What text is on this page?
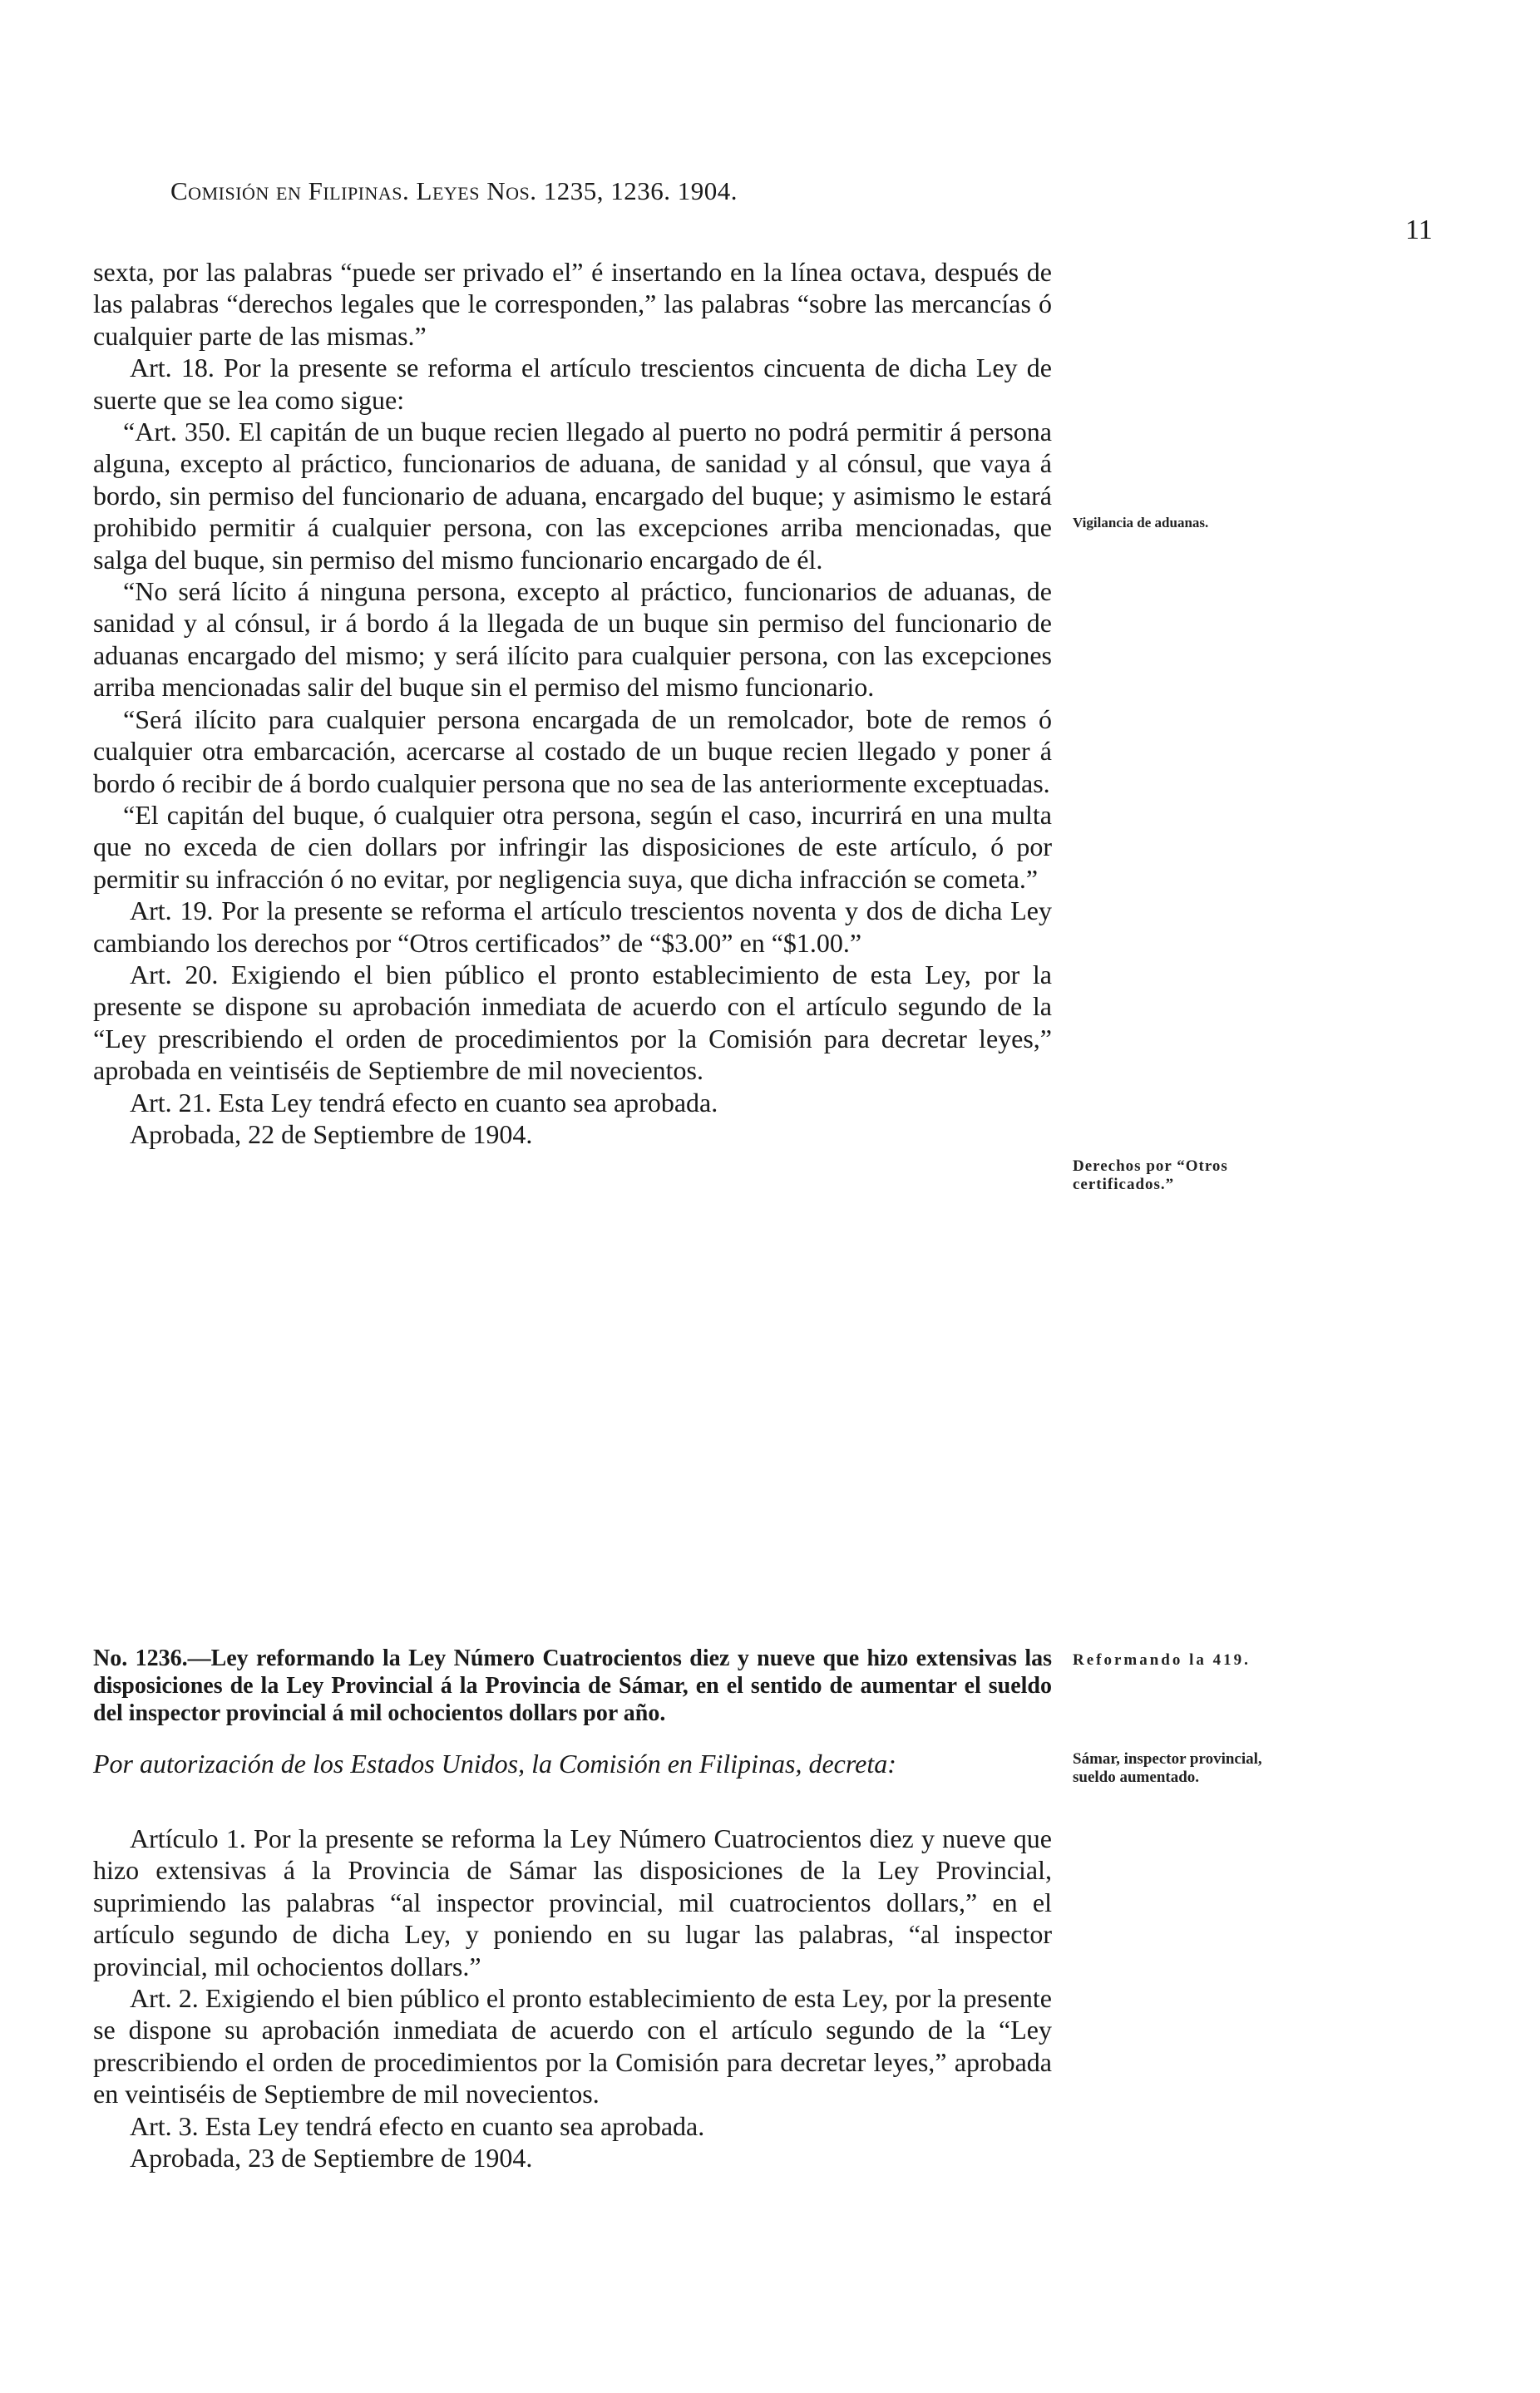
Comisión en Filipinas. Leyes Nos. 1235, 1236. 1904.
11

sexta, por las palabras “puede ser privado el” é insertando en la línea octava, después de las palabras “derechos legales que le corresponden,” las palabras “sobre las mercancías ó cualquier parte de las mismas.”

Art. 18. Por la presente se reforma el artículo trescientos cincuenta de dicha Ley de suerte que se lea como sigue:

“Art. 350. El capitán de un buque recien llegado al puerto no podrá permitir á persona alguna, excepto al práctico, funcionarios de aduana, de sanidad y al cónsul, que vaya á bordo, sin permiso del funcionario de aduana, encargado del buque; y asimismo le estará prohibido permitir á cualquier persona, con las excepciones arriba mencionadas, que salga del buque, sin permiso del mismo funcionario encargado de él.

“No será lícito á ninguna persona, excepto al práctico, funcionarios de aduanas, de sanidad y al cónsul, ir á bordo á la llegada de un buque sin permiso del funcionario de aduanas encargado del mismo; y será ilícito para cualquier persona, con las excepciones arriba mencionadas salir del buque sin el permiso del mismo funcionario.

“Será ilícito para cualquier persona encargada de un remolcador, bote de remos ó cualquier otra embarcación, acercarse al costado de un buque recien llegado y poner á bordo ó recibir de á bordo cualquier persona que no sea de las anteriormente exceptuadas.

“El capitán del buque, ó cualquier otra persona, según el caso, incurrirá en una multa que no exceda de cien dollars por infringir las disposiciones de este artículo, ó por permitir su infracción ó no evitar, por negligencia suya, que dicha infracción se cometa.”

Art. 19. Por la presente se reforma el artículo trescientos noventa y dos de dicha Ley cambiando los derechos por “Otros certificados” de “$3.00” en “$1.00.”

Art. 20. Exigiendo el bien público el pronto establecimiento de esta Ley, por la presente se dispone su aprobación inmediata de acuerdo con el artículo segundo de la “Ley prescribiendo el orden de procedimientos por la Comisión para decretar leyes,” aprobada en veintiséis de Septiembre de mil novecientos.

Art. 21. Esta Ley tendrá efecto en cuanto sea aprobada.

Aprobada, 22 de Septiembre de 1904.

No. 1236.—Ley reformando la Ley Número Cuatrocientos diez y nueve que hizo extensivas las disposiciones de la Ley Provincial á la Provincia de Sámar, en el sentido de aumentar el sueldo del inspector provincial á mil ochocientos dollars por año.
Por autorización de los Estados Unidos, la Comisión en Filipinas, decreta:

Artículo 1. Por la presente se reforma la Ley Número Cuatrocientos diez y nueve que hizo extensivas á la Provincia de Sámar las disposiciones de la Ley Provincial, suprimiendo las palabras “al inspector provincial, mil cuatrocientos dollars,” en el artículo segundo de dicha Ley, y poniendo en su lugar las palabras, “al inspector provincial, mil ochocientos dollars.”

Art. 2. Exigiendo el bien público el pronto establecimiento de esta Ley, por la presente se dispone su aprobación inmediata de acuerdo con el artículo segundo de la “Ley prescribiendo el orden de procedimientos por la Comisión para decretar leyes,” aprobada en veintiséis de Septiembre de mil novecientos.

Art. 3. Esta Ley tendrá efecto en cuanto sea aprobada.

Aprobada, 23 de Septiembre de 1904.

Vigilancia de aduanas.
Derechos por “Otros certificados.”
Reformando la 419.
Sámar, inspector provincial, sueldo aumentado.
